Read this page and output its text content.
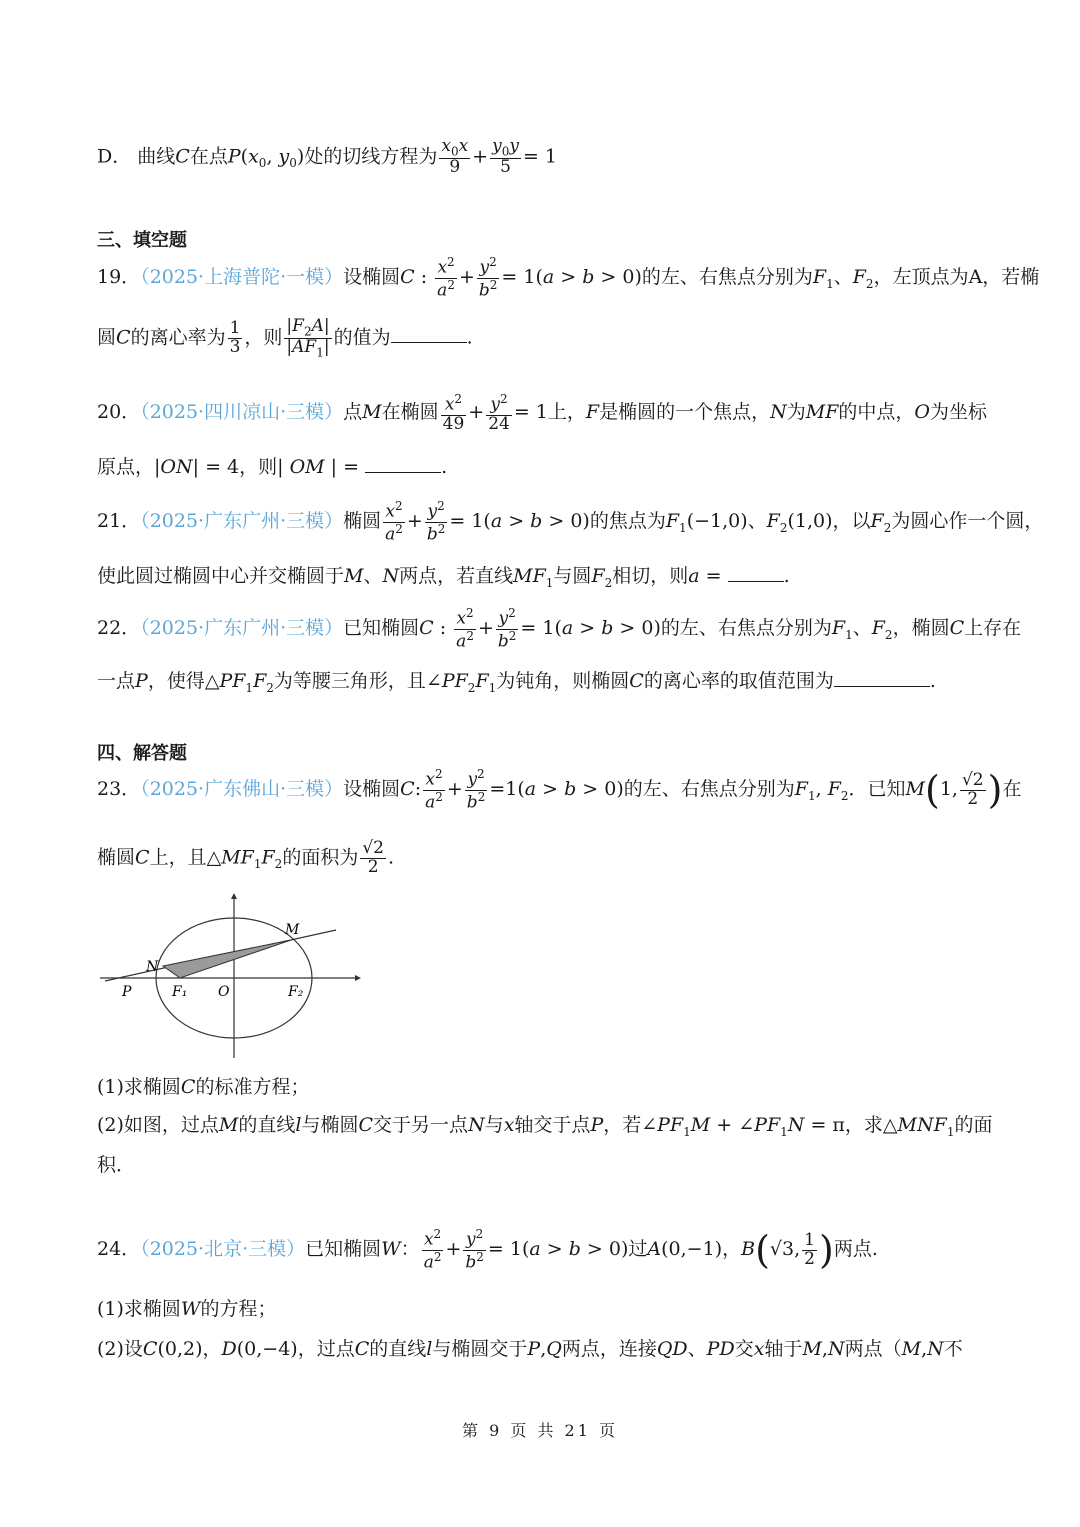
D． 曲线C在点$P(x_0$, $y_0$)处的切线方程为 $\frac{x_0x}{9} + \frac{y_0y}{5} = 1$
三、填空题
19．（2025·上海普陀·一模）设椭圆C : $\frac{x^2}{a^2} + \frac{y^2}{b^2} = 1(a > b > 0)$的左、右焦点分别为$F_1$、$F_2$，左顶点为A，若椭
圆C的离心率为 $\frac{1}{3}$ ，则 $\frac{|F_2A|}{|AF_1|}$ 的值为	.
20．（2025·四川凉山·三模）点M在椭圆 $\frac{x^2}{49} + \frac{y^2}{24} = 1$上，F是椭圆的一个焦点，N为MF的中点，O为坐标
原点，|ON| = 4，则| OM | =	.
21．（2025·广东广州·三模）椭圆 $\frac{x^2}{a^2} + \frac{y^2}{b^2} = 1(a > b > 0)$的焦点为$F_1(-1,0)$、$F_2(1,0)$，以$F_2$为圆心作一个圆，
使此圆过椭圆中心并交椭圆于M、N两点，若直线$MF_1$与圆$F_2$相切，则a =	.
22．（2025·广东广州·三模）已知椭圆C : $\frac{x^2}{a^2} + \frac{y^2}{b^2} = 1(a > b > 0)$的左、右焦点分别为$F_1$、$F_2$，椭圆C上存在
一点P，使得$\triangle PF_1F_2$为等腰三角形，且$\angle PF_2F_1$为钝角，则椭圆C的离心率的取值范围为	.
四、解答题
23．（2025·广东佛山·三模）设椭圆C: $\frac{x^2}{a^2} + \frac{y^2}{b^2} =1(a > b > 0)$的左、右焦点分别为$F_1$, $F_2$．已知M(1, $\frac{√2}{2}$ )在
椭圆C上，且$\triangle MF_1F_2$的面积为 $\frac{√2}{2}$ .
N
M
P	F₁ O	F₂
(1)求椭圆C的标准方程；
(2)如图，过点M的直线l与椭圆C交于另一点N与x轴交于点P，若$\angle PF_1M$ + $\angle PF_1N = \pi$，求$\triangle MNF_1$的面
积．
24．（2025·北京·三模）已知椭圆W： $\frac{x^2}{a^2} + \frac{y^2}{b^2} = 1(a > b > 0)$过A(0,−1)，B(√3, $\frac{1}{2}$ )两点.
(1)求椭圆W的方程；
(2)设C(0,2)，D(0,−4)，过点C的直线l与椭圆交于P,Q两点，连接QD、PD交x轴于M,N两点（M,N不
第 9 页 共 21 页
